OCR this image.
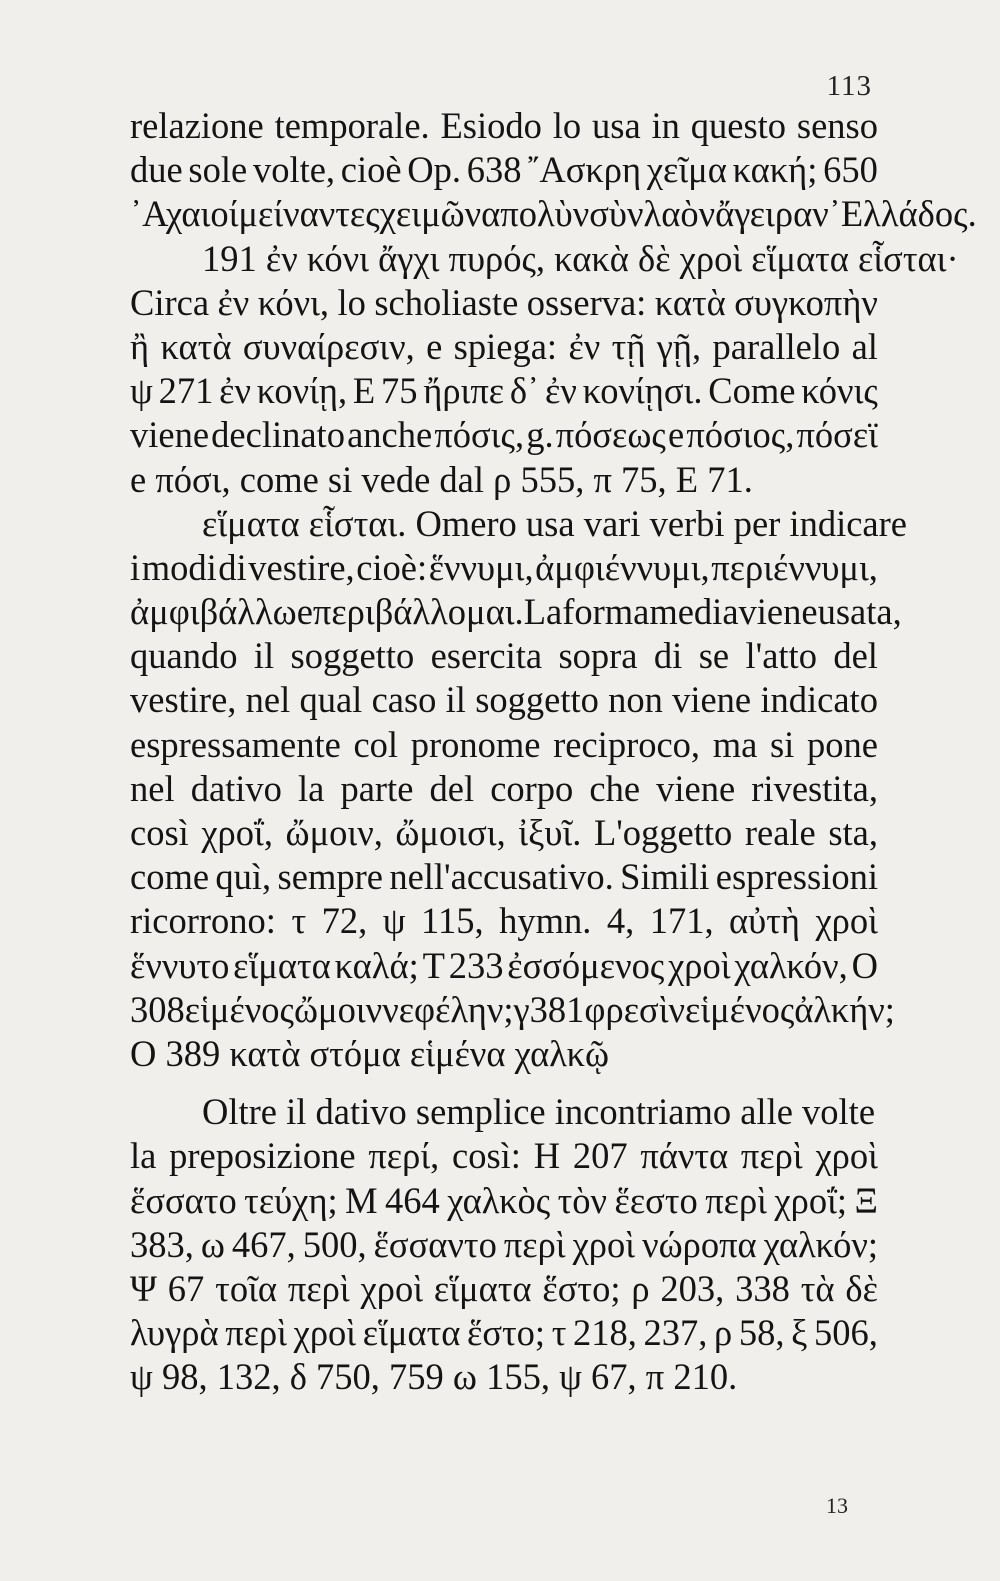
113
relazione temporale. Esiodo lo usa in questo senso
due sole volte, cioè Op. 638 ῎Ασκρη χεῖμα κακή; 650
᾽Αχαιοί μείναντες χειμῶνα πολὺν σὺν λαὸν ἄγειραν᾽Ελλάδος.
191 ἐν κόνι ἄγχι πυρός, κακὰ δὲ χροὶ εἵματα εἷσται·
Circa ἐν κόνι, lo scholiaste osserva: κατὰ συγκοπὴν
ἢ κατὰ συναίρεσιν, e spiega: ἐν τῇ γῇ, parallelo al
ψ 271 ἐν κονίῃ, E 75 ἤριπε δ᾽ ἐν κονίῃσι. Come κόνις
viene declinato anche πόσις, g. πόσεως e πόσιος, πόσεϊ
e πόσι, come si vede dal ρ 555, π 75, E 71.
εἵματα εἷσται. Omero usa vari verbi per indicare
i modi di vestire, cioè: ἕννυμι, ἀμφιέννυμι, περιέννυμι,
ἀμφιβάλλω e περιβάλλομαι. La forma media viene usata,
quando il soggetto esercita sopra di se l'atto del
vestire, nel qual caso il soggetto non viene indicato
espressamente col pronome reciproco, ma si pone
nel dativo la parte del corpo che viene rivestita,
così χροΐ, ὤμοιν, ὤμοισι, ἰξυῖ. L'oggetto reale sta,
come quì, sempre nell'accusativo. Simili espressioni
ricorrono: τ 72, ψ 115, hymn. 4, 171, αὐτὴ χροὶ
ἕννυτο εἵματα καλά; T 233 ἐσσόμενος χροὶ χαλκόν, O
308 εἱμένος ὤμοιν νεφέλην; γ 381 φρεσὶν εἱμένος ἀλκήν;
O 389 κατὰ στόμα εἱμένα χαλκῷ
Oltre il dativo semplice incontriamo alle volte
la preposizione περί, così: H 207 πάντα περὶ χροὶ
ἕσσατο τεύχη; M 464 χαλκὸς τὸν ἕεστο περὶ χροΐ; Ξ
383, ω 467, 500, ἕσσαντο περὶ χροὶ νώροπα χαλκόν;
Ψ 67 τοῖα περὶ χροὶ εἵματα ἕστο; ρ 203, 338 τὰ δὲ
λυγρὰ περὶ χροὶ εἵματα ἕστο; τ 218, 237, ρ 58, ξ 506,
ψ 98, 132, δ 750, 759 ω 155, ψ 67, π 210.
13
